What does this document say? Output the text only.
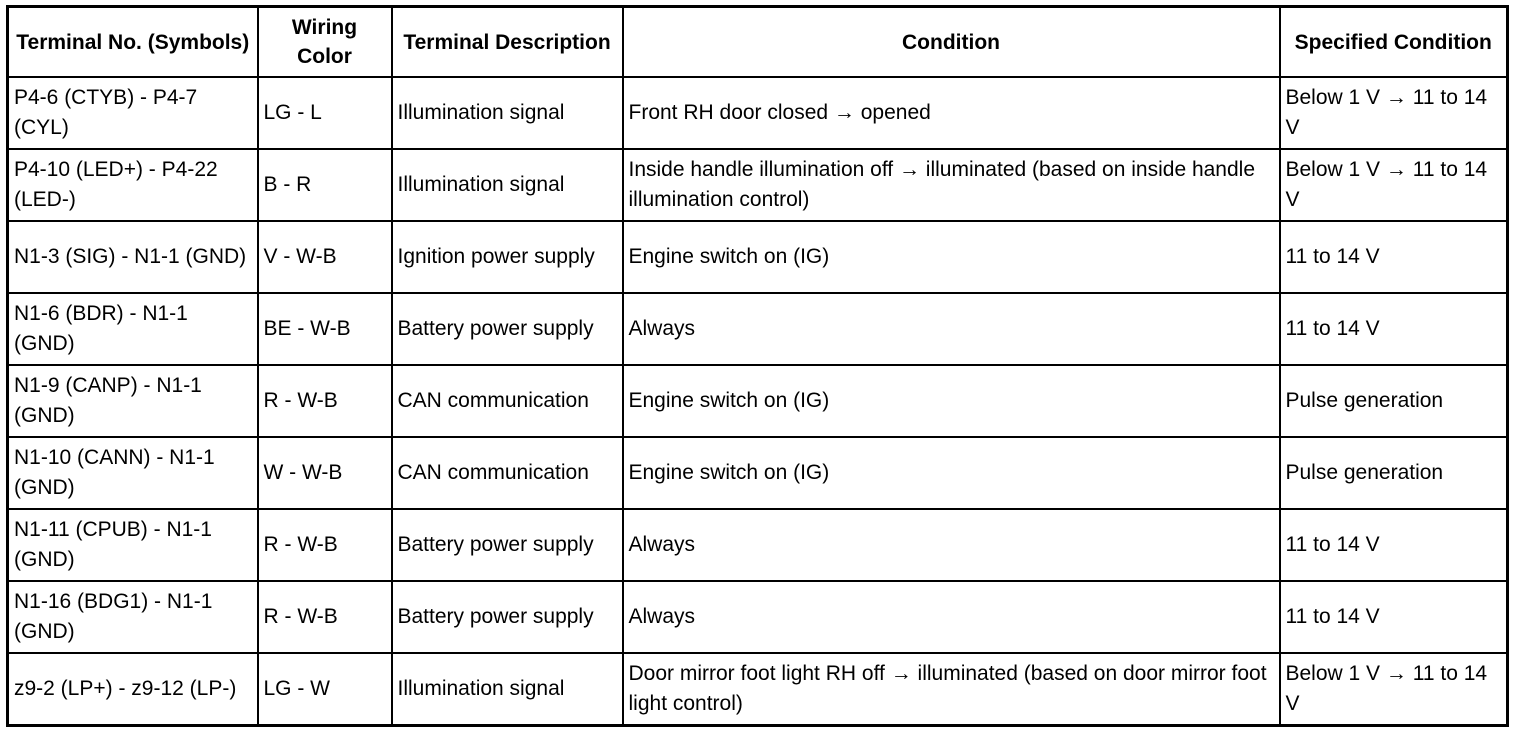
Terminal No. (Symbols)	Wiring Color	Terminal Description	Condition	Specified Condition
P4-6 (CTYB) - P4-7 (CYL)	LG - L	Illumination signal	Front RH door closed → opened	Below 1 V → 11 to 14 V
P4-10 (LED+) - P4-22 (LED-)	B - R	Illumination signal	Inside handle illumination off → illuminated (based on inside handle illumination control)	Below 1 V → 11 to 14 V
N1-3 (SIG) - N1-1 (GND)	V - W-B	Ignition power supply	Engine switch on (IG)	11 to 14 V
N1-6 (BDR) - N1-1 (GND)	BE - W-B	Battery power supply	Always	11 to 14 V
N1-9 (CANP) - N1-1 (GND)	R - W-B	CAN communication	Engine switch on (IG)	Pulse generation
N1-10 (CANN) - N1-1 (GND)	W - W-B	CAN communication	Engine switch on (IG)	Pulse generation
N1-11 (CPUB) - N1-1 (GND)	R - W-B	Battery power supply	Always	11 to 14 V
N1-16 (BDG1) - N1-1 (GND)	R - W-B	Battery power supply	Always	11 to 14 V
z9-2 (LP+) - z9-12 (LP-)	LG - W	Illumination signal	Door mirror foot light RH off → illuminated (based on door mirror foot light control)	Below 1 V → 11 to 14 V
